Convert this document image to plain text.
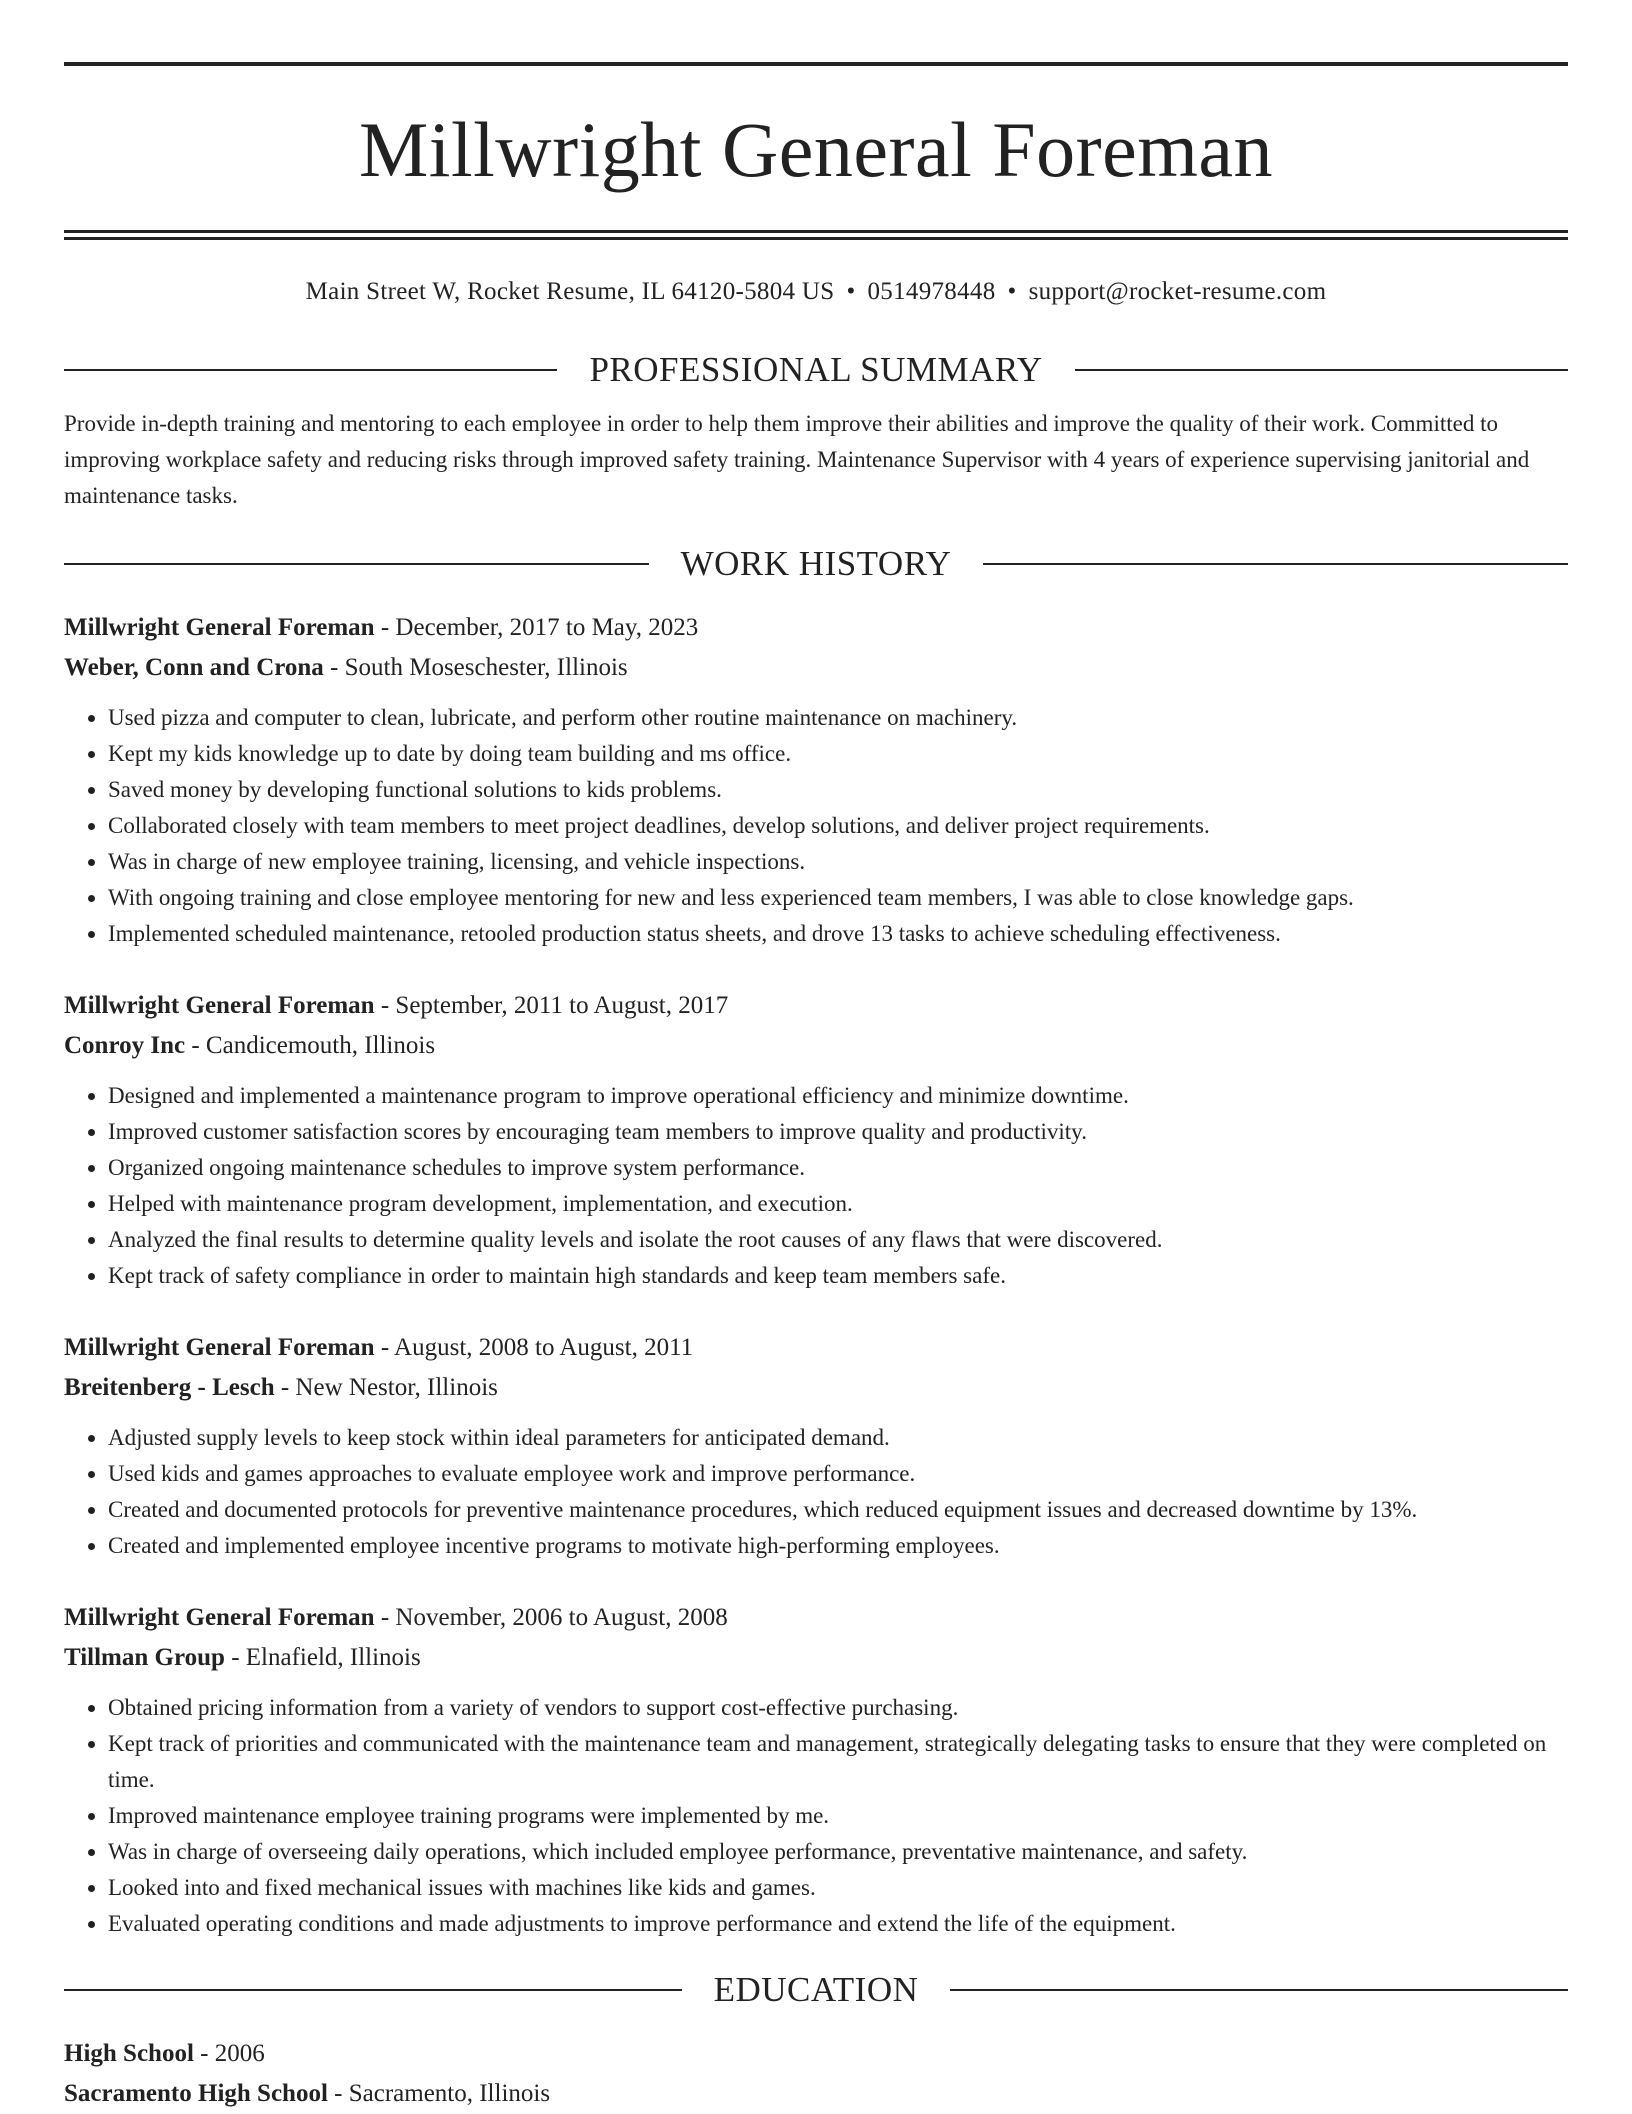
Millwright General Foreman
Main Street W, Rocket Resume, IL 64120-5804 US • 0514978448 • support@rocket-resume.com
PROFESSIONAL SUMMARY
Provide in-depth training and mentoring to each employee in order to help them improve their abilities and improve the quality of their work. Committed to improving workplace safety and reducing risks through improved safety training. Maintenance Supervisor with 4 years of experience supervising janitorial and maintenance tasks.
WORK HISTORY
Millwright General Foreman - December, 2017 to May, 2023
Weber, Conn and Crona - South Moseschester, Illinois
• Used pizza and computer to clean, lubricate, and perform other routine maintenance on machinery.
• Kept my kids knowledge up to date by doing team building and ms office.
• Saved money by developing functional solutions to kids problems.
• Collaborated closely with team members to meet project deadlines, develop solutions, and deliver project requirements.
• Was in charge of new employee training, licensing, and vehicle inspections.
• With ongoing training and close employee mentoring for new and less experienced team members, I was able to close knowledge gaps.
• Implemented scheduled maintenance, retooled production status sheets, and drove 13 tasks to achieve scheduling effectiveness.
Millwright General Foreman - September, 2011 to August, 2017
Conroy Inc - Candicemouth, Illinois
• Designed and implemented a maintenance program to improve operational efficiency and minimize downtime.
• Improved customer satisfaction scores by encouraging team members to improve quality and productivity.
• Organized ongoing maintenance schedules to improve system performance.
• Helped with maintenance program development, implementation, and execution.
• Analyzed the final results to determine quality levels and isolate the root causes of any flaws that were discovered.
• Kept track of safety compliance in order to maintain high standards and keep team members safe.
Millwright General Foreman - August, 2008 to August, 2011
Breitenberg - Lesch - New Nestor, Illinois
• Adjusted supply levels to keep stock within ideal parameters for anticipated demand.
• Used kids and games approaches to evaluate employee work and improve performance.
• Created and documented protocols for preventive maintenance procedures, which reduced equipment issues and decreased downtime by 13%.
• Created and implemented employee incentive programs to motivate high-performing employees.
Millwright General Foreman - November, 2006 to August, 2008
Tillman Group - Elnafield, Illinois
• Obtained pricing information from a variety of vendors to support cost-effective purchasing.
• Kept track of priorities and communicated with the maintenance team and management, strategically delegating tasks to ensure that they were completed on time.
• Improved maintenance employee training programs were implemented by me.
• Was in charge of overseeing daily operations, which included employee performance, preventative maintenance, and safety.
• Looked into and fixed mechanical issues with machines like kids and games.
• Evaluated operating conditions and made adjustments to improve performance and extend the life of the equipment.
EDUCATION
High School - 2006
Sacramento High School - Sacramento, Illinois
